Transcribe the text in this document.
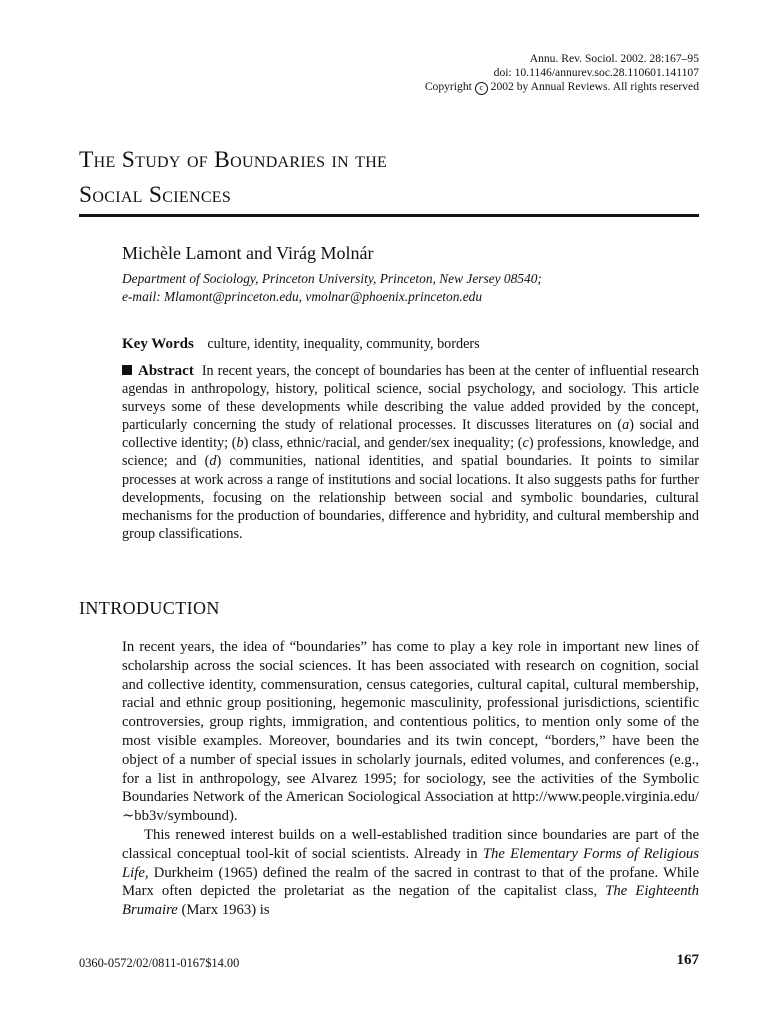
Annu. Rev. Sociol. 2002. 28:167–95
doi: 10.1146/annurev.soc.28.110601.141107
Copyright c 2002 by Annual Reviews. All rights reserved
The Study of Boundaries in the
Social Sciences
Michèle Lamont and Virág Molnár
Department of Sociology, Princeton University, Princeton, New Jersey 08540;
e-mail: Mlamont@princeton.edu, vmolnar@phoenix.princeton.edu
Key Words culture, identity, inequality, community, borders

Abstract In recent years, the concept of boundaries has been at the center of influential research agendas in anthropology, history, political science, social psychology, and sociology. This article surveys some of these developments while describing the value added provided by the concept, particularly concerning the study of relational processes. It discusses literatures on (a) social and collective identity; (b) class, ethnic/racial, and gender/sex inequality; (c) professions, knowledge, and science; and (d) communities, national identities, and spatial boundaries. It points to similar processes at work across a range of institutions and social locations. It also suggests paths for further developments, focusing on the relationship between social and symbolic boundaries, cultural mechanisms for the production of boundaries, difference and hybridity, and cultural membership and group classifications.

INTRODUCTION

In recent years, the idea of “boundaries” has come to play a key role in important new lines of scholarship across the social sciences. It has been associated with research on cognition, social and collective identity, commensuration, census categories, cultural capital, cultural membership, racial and ethnic group positioning, hegemonic masculinity, professional jurisdictions, scientific controversies, group rights, immigration, and contentious politics, to mention only some of the most visible examples. Moreover, boundaries and its twin concept, “borders,” have been the object of a number of special issues in scholarly journals, edited volumes, and conferences (e.g., for a list in anthropology, see Alvarez 1995; for sociology, see the activities of the Symbolic Boundaries Network of the American Sociological Association at http://www.people.virginia.edu/∼bb3v/symbound).

This renewed interest builds on a well-established tradition since boundaries are part of the classical conceptual tool-kit of social scientists. Already in The Elementary Forms of Religious Life, Durkheim (1965) defined the realm of the sacred in contrast to that of the profane. While Marx often depicted the proletariat as the negation of the capitalist class, The Eighteenth Brumaire (Marx 1963) is

0360-0572/02/0811-0167$14.00	167
